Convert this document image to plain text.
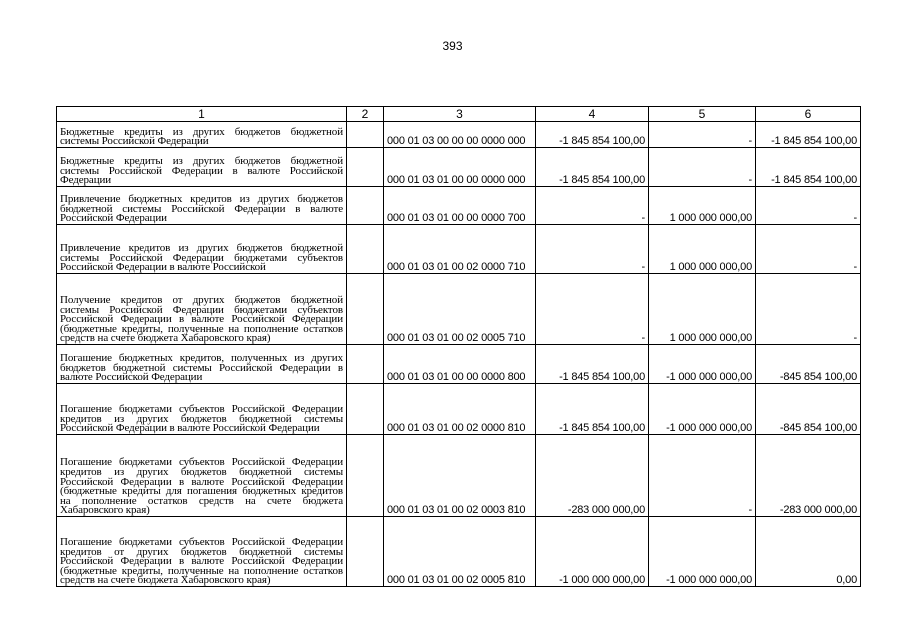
393
1	2	3	4	5	6
Бюджетные кредиты из других бюджетов бюджетной системы Российской Федерации		000 01 03 00 00 00 0000 000	-1 845 854 100,00	-	-1 845 854 100,00
Бюджетные кредиты из других бюджетов бюджетной системы Российской Федерации в валюте Российской Федерации		000 01 03 01 00 00 0000 000	-1 845 854 100,00	-	-1 845 854 100,00
Привлечение бюджетных кредитов из других бюджетов бюджетной системы Российской Федерации в валюте Российской Федерации		000 01 03 01 00 00 0000 700	-	1 000 000 000,00	-
Привлечение кредитов из других бюджетов бюджетной системы Российской Федерации бюджетами субъектов Российской Федерации в валюте Российской		000 01 03 01 00 02 0000 710	-	1 000 000 000,00	-
Получение кредитов от других бюджетов бюджетной системы Российской Федерации бюджетами субъектов Российской Федерации в валюте Российской Федерации (бюджетные кредиты, полученные на пополнение остатков средств на счете бюджета Хабаровского края)		000 01 03 01 00 02 0005 710	-	1 000 000 000,00	-
Погашение бюджетных кредитов, полученных из других бюджетов бюджетной системы Российской Федерации в валюте Российской Федерации		000 01 03 01 00 00 0000 800	-1 845 854 100,00	-1 000 000 000,00	-845 854 100,00
Погашение бюджетами субъектов Российской Федерации кредитов из других бюджетов бюджетной системы Российской Федерации в валюте Российской Федерации		000 01 03 01 00 02 0000 810	-1 845 854 100,00	-1 000 000 000,00	-845 854 100,00
Погашение бюджетами субъектов Российской Федерации кредитов из других бюджетов бюджетной системы Российской Федерации в валюте Российской Федерации (бюджетные кредиты для погашения бюджетных кредитов на пополнение остатков средств на счете бюджета Хабаровского края)		000 01 03 01 00 02 0003 810	-283 000 000,00	-	-283 000 000,00
Погашение бюджетами субъектов Российской Федерации кредитов от других бюджетов бюджетной системы Российской Федерации в валюте Российской Федерации (бюджетные кредиты, полученные на пополнение остатков средств на счете бюджета Хабаровского края)		000 01 03 01 00 02 0005 810	-1 000 000 000,00	-1 000 000 000,00	0,00
